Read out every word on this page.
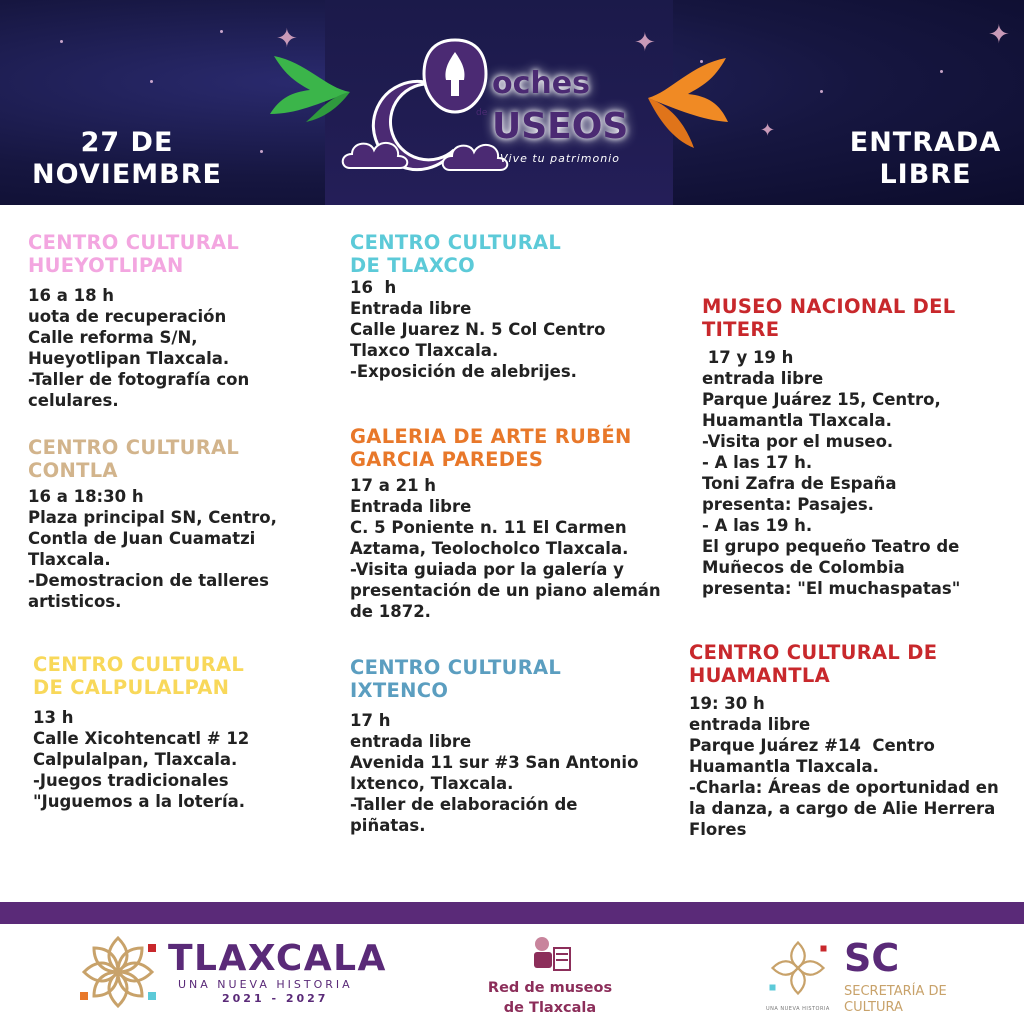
✦	✦	✦
✦
oches
de USEOS
Vive tu patrimonio
27 DE
NOVIEMBRE
ENTRADA
LIBRE
CENTRO CULTURAL
HUEYOTLIPAN
16 a 18 h
uota de recuperación
Calle reforma S/N,
Hueyotlipan Tlaxcala.
-Taller de fotografía con
celulares.
CENTRO CULTURAL
CONTLA
16 a 18:30 h
Plaza principal SN, Centro,
Contla de Juan Cuamatzi
Tlaxcala.
-Demostracion de talleres
artisticos.
CENTRO CULTURAL
DE CALPULALPAN
13 h
Calle Xicohtencatl # 12
Calpulalpan, Tlaxcala.
-Juegos tradicionales
"Juguemos a la lotería.
CENTRO CULTURAL
DE TLAXCO
16  h
Entrada libre
Calle Juarez N. 5 Col Centro
Tlaxco Tlaxcala.
-Exposición de alebrijes.
GALERIA DE ARTE RUBÉN
GARCIA PAREDES
17 a 21 h
Entrada libre
C. 5 Poniente n. 11 El Carmen
Aztama, Teolocholco Tlaxcala.
-Visita guiada por la galería y
presentación de un piano alemán
de 1872.
CENTRO CULTURAL
IXTENCO
17 h
entrada libre
Avenida 11 sur #3 San Antonio
Ixtenco, Tlaxcala.
-Taller de elaboración de
piñatas.
MUSEO NACIONAL DEL
TITERE
17 y 19 h
entrada libre
Parque Juárez 15, Centro,
Huamantla Tlaxcala.
-Visita por el museo.
- A las 17 h.
Toni Zafra de España
presenta: Pasajes.
- A las 19 h.
El grupo pequeño Teatro de
Muñecos de Colombia
presenta: "El muchaspatas"
CENTRO CULTURAL DE
HUAMANTLA
19: 30 h
entrada libre
Parque Juárez #14  Centro
Huamantla Tlaxcala.
-Charla: Áreas de oportunidad en
la danza, a cargo de Alie Herrera
Flores
TLAXCALA
UNA NUEVA HISTORIA
2021 - 2027
Red de museos
de Tlaxcala	UNA NUEVA HISTORIA
SC
SECRETARÍA DE
CULTURA
